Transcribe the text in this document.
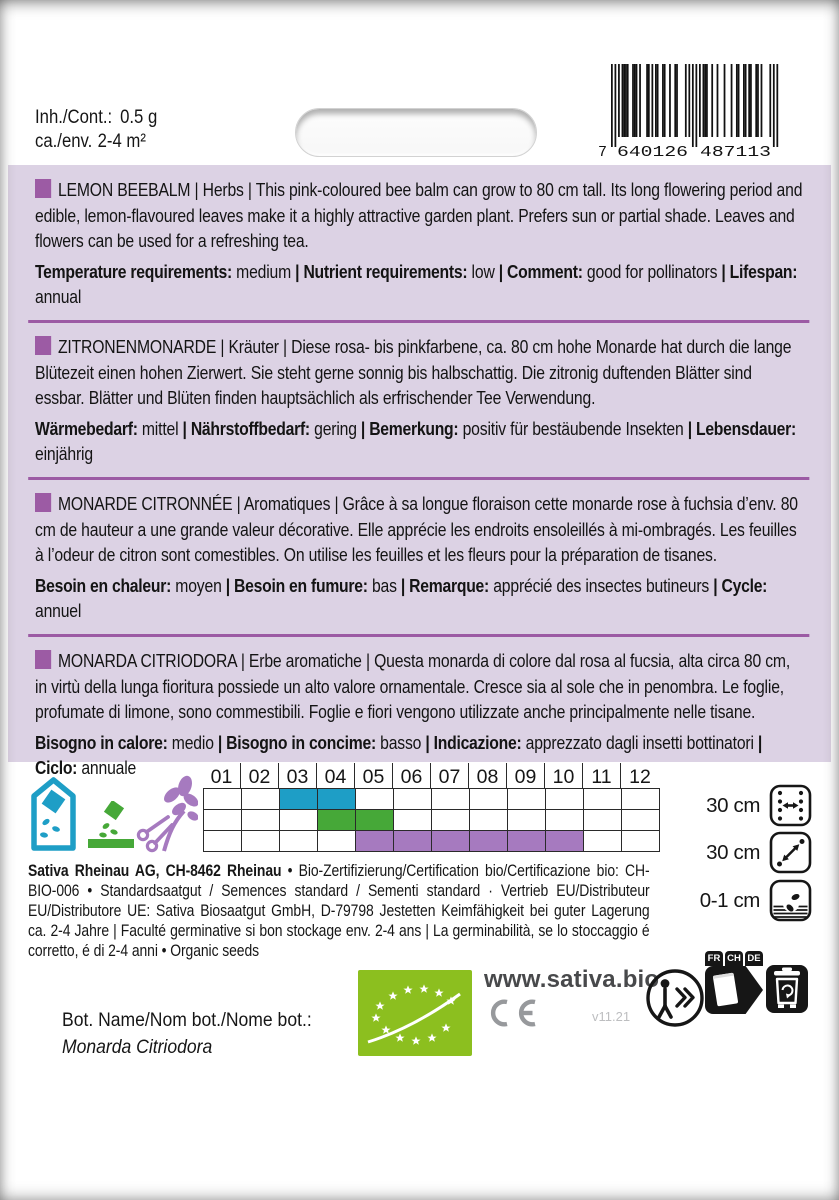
Inh./Cont.: 0.5 g
ca./env. 2-4 m²
7 640126 487113

LEMON BEEBALM | Herbs | This pink-coloured bee balm can grow to 80 cm tall. Its long flowering period and edible, lemon-flavoured leaves make it a highly attractive garden plant. Prefers sun or partial shade. Leaves and flowers can be used for a refreshing tea.

Temperature requirements: medium | Nutrient requirements: low | Comment: good for pollinators | Lifespan: annual

ZITRONENMONARDE | Kräuter | Diese rosa- bis pinkfarbene, ca. 80 cm hohe Monarde hat durch die lange Blütezeit einen hohen Zierwert. Sie steht gerne sonnig bis halbschattig. Die zitronig duftenden Blätter sind essbar. Blätter und Blüten finden hauptsächlich als erfrischender Tee Verwendung.

Wärmebedarf: mittel | Nährstoffbedarf: gering | Bemerkung: positiv für bestäubende Insekten | Lebensdauer: einjährig

MONARDE CITRONNÉE | Aromatiques | Grâce à sa longue floraison cette monarde rose à fuchsia d’env. 80 cm de hauteur a une grande valeur décorative. Elle apprécie les endroits ensoleillés à mi-ombragés. Les feuilles à l’odeur de citron sont comestibles. On utilise les feuilles et les fleurs pour la préparation de tisanes.

Besoin en chaleur: moyen | Besoin en fumure: bas | Remarque: apprécié des insectes butineurs | Cycle: annuel

MONARDA CITRIODORA | Erbe aromatiche | Questa monarda di colore dal rosa al fucsia, alta circa 80 cm, in virtù della lunga fioritura possiede un alto valore ornamentale. Cresce sia al sole che in penombra. Le foglie, profumate di limone, sono commestibili. Foglie e fiori vengono utilizzate anche principalmente nelle tisane.

Bisogno in calore: medio | Bisogno in concime: basso | Indicazione: apprezzato dagli insetti bottinatori | Ciclo: annuale	01 02 03 04 05 06 07 08 09 10 11 12
30 cm
30 cm
0-1 cm
Sativa Rheinau AG, CH-8462 Rheinau • Bio-Zertifizierung/Certification bio/Certificazione bio: CH-BIO-006 • Standardsaatgut / Semences standard / Sementi standard · Vertrieb EU/Distributeur EU/Distributore UE: Sativa Biosaatgut GmbH, D-79798 Jestetten Keimfähigkeit bei guter Lagerung ca. 2-4 Jahre | Faculté germinative si bon stockage env. 2-4 ans | La germinabilità, se lo stoccaggio é corretto, é di 2-4 anni • Organic seeds
Bot. Name/Nom bot./Nome bot.:
Monarda Citriodora
www.sativa.bio
v11.21
FR CH DE
